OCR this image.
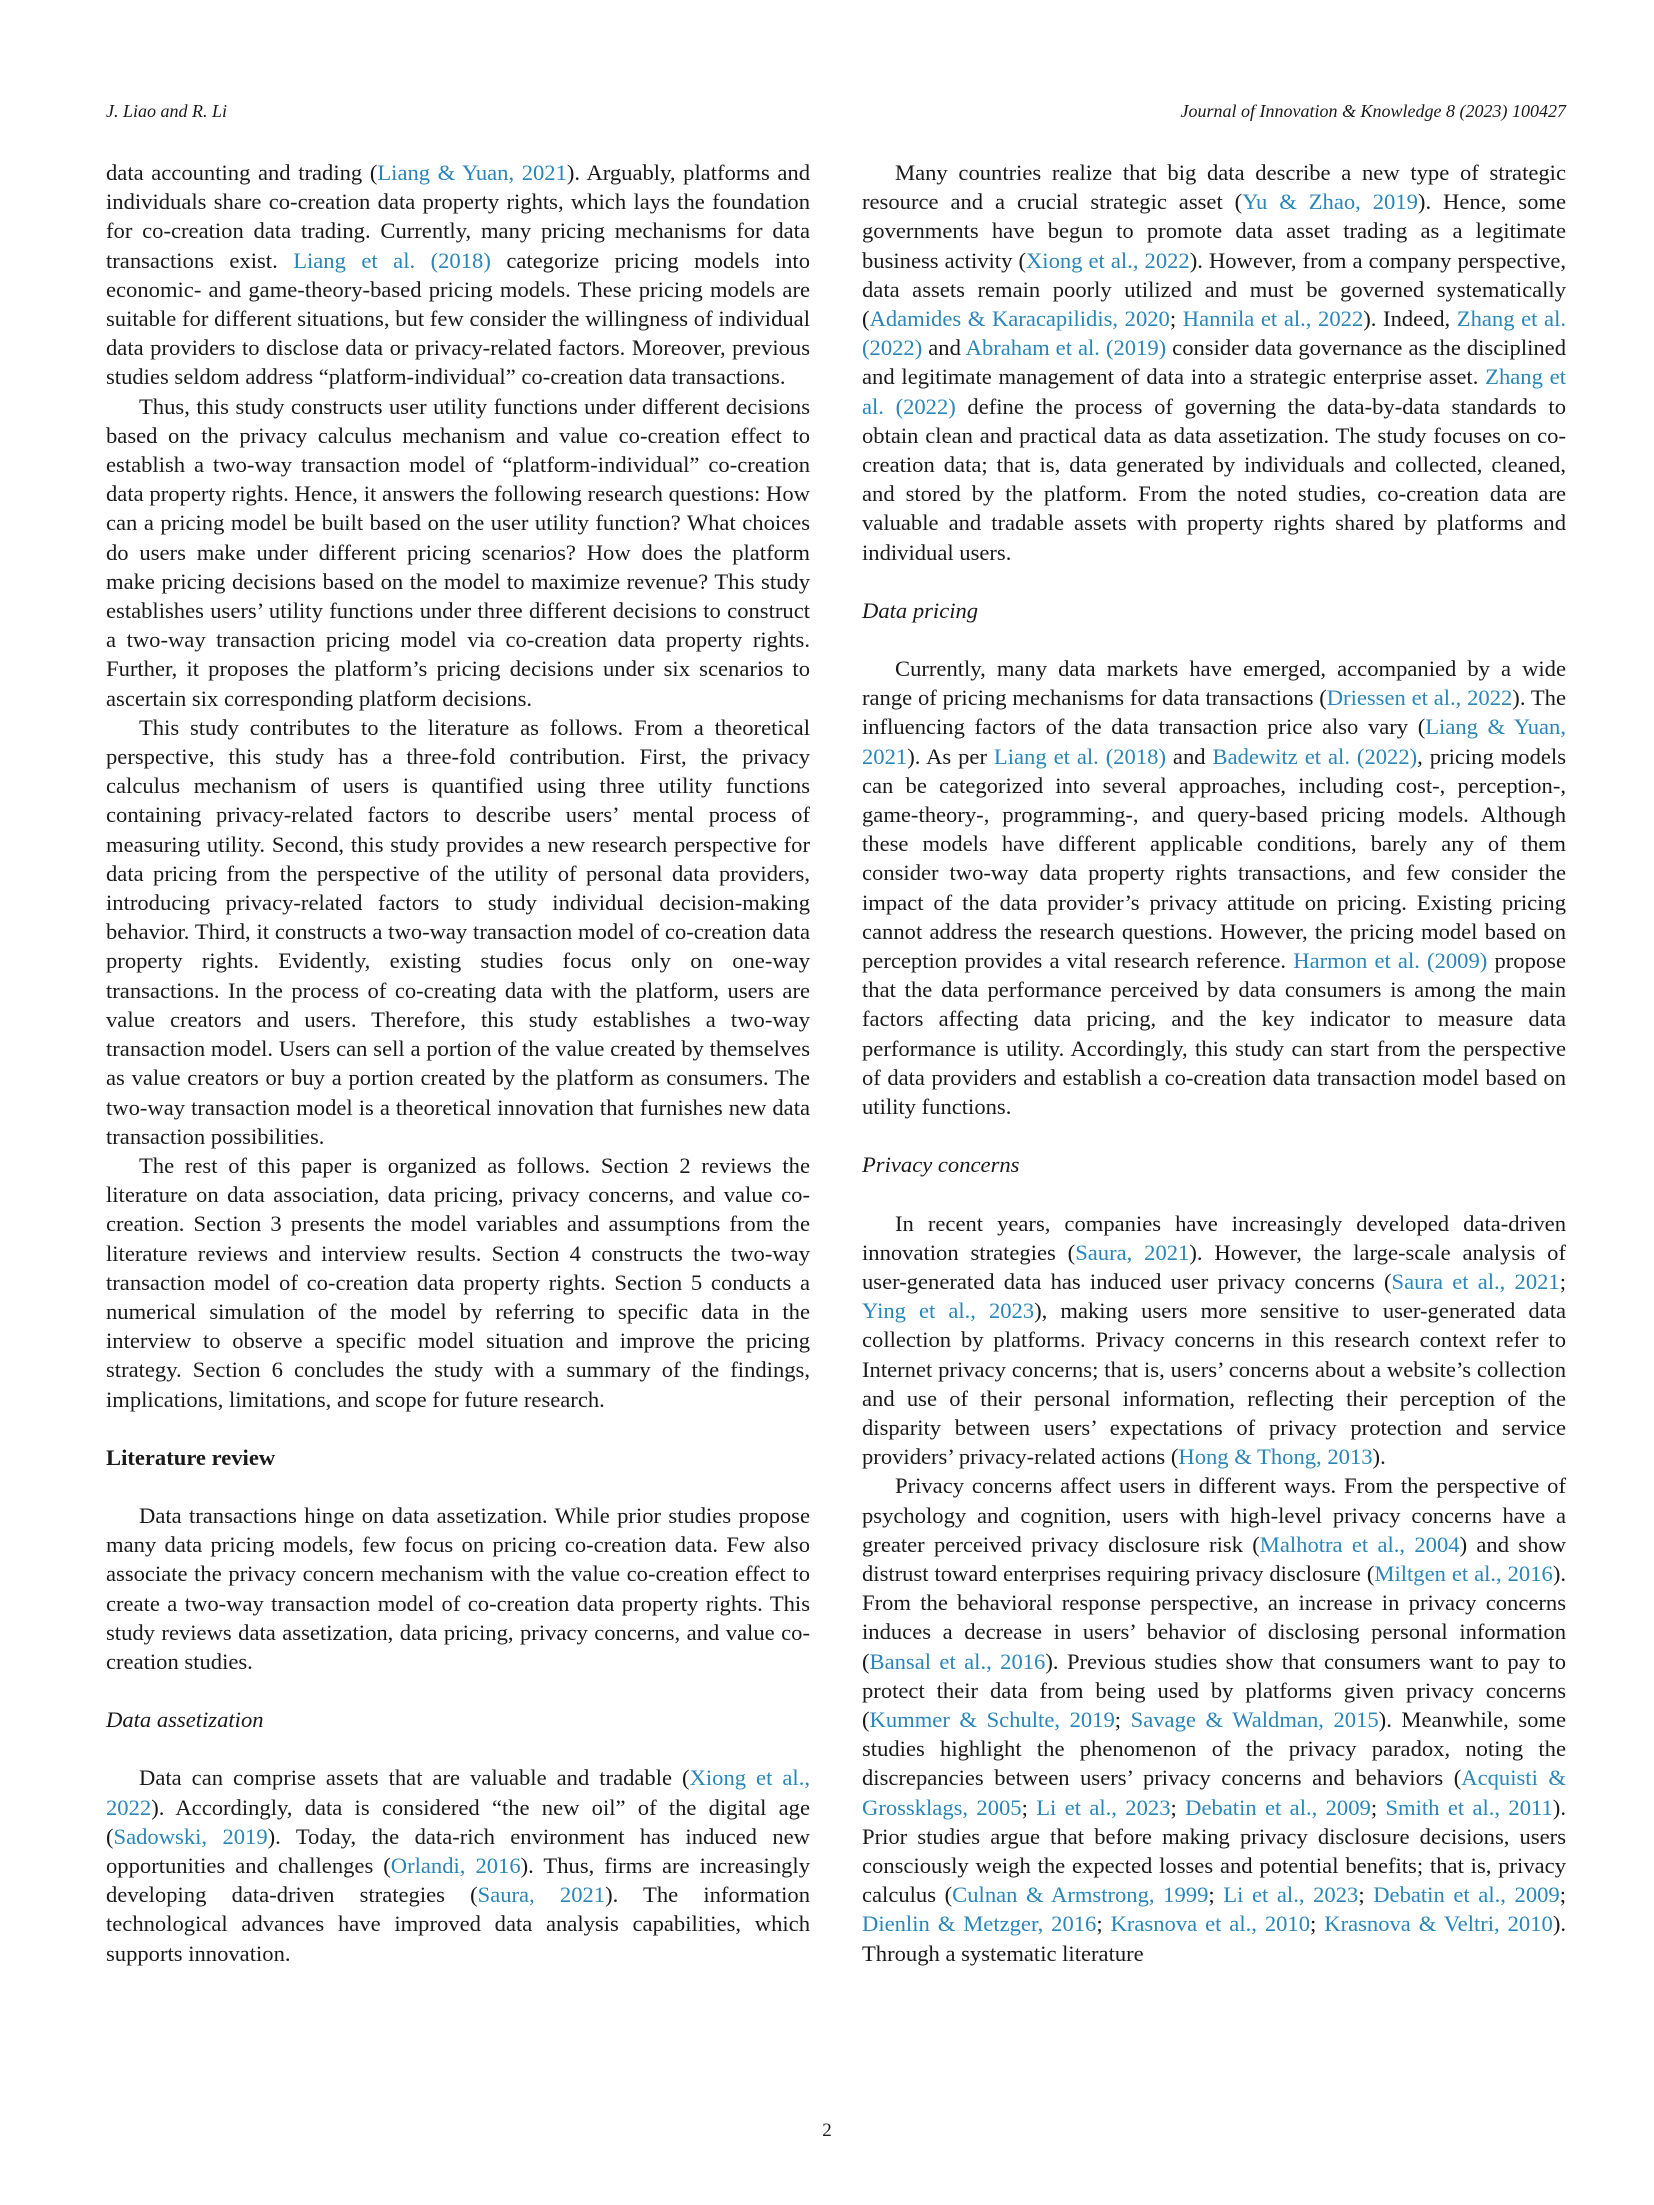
J. Liao and R. Li	Journal of Innovation & Knowledge 8 (2023) 100427

data accounting and trading (Liang & Yuan, 2021). Arguably, platforms and individuals share co-creation data property rights, which lays the foundation for co-creation data trading. Currently, many pricing mechanisms for data transactions exist. Liang et al. (2018) categorize pricing models into economic- and game-theory-based pricing models. These pricing models are suitable for different situations, but few consider the willingness of individual data providers to disclose data or privacy-related factors. Moreover, previous studies seldom address “platform-individual” co-creation data transactions.

Thus, this study constructs user utility functions under different decisions based on the privacy calculus mechanism and value co-creation effect to establish a two-way transaction model of “platform-individual” co-creation data property rights. Hence, it answers the following research questions: How can a pricing model be built based on the user utility function? What choices do users make under different pricing scenarios? How does the platform make pricing decisions based on the model to maximize revenue? This study establishes users’ utility functions under three different decisions to construct a two-way transaction pricing model via co-creation data property rights. Further, it proposes the platform’s pricing decisions under six scenarios to ascertain six corresponding platform decisions.

This study contributes to the literature as follows. From a theoretical perspective, this study has a three-fold contribution. First, the privacy calculus mechanism of users is quantified using three utility functions containing privacy-related factors to describe users’ mental process of measuring utility. Second, this study provides a new research perspective for data pricing from the perspective of the utility of personal data providers, introducing privacy-related factors to study individual decision-making behavior. Third, it constructs a two-way transaction model of co-creation data property rights. Evidently, existing studies focus only on one-way transactions. In the process of co-creating data with the platform, users are value creators and users. Therefore, this study establishes a two-way transaction model. Users can sell a portion of the value created by themselves as value creators or buy a portion created by the platform as consumers. The two-way transaction model is a theoretical innovation that furnishes new data transaction possibilities.

The rest of this paper is organized as follows. Section 2 reviews the literature on data association, data pricing, privacy concerns, and value co-creation. Section 3 presents the model variables and assumptions from the literature reviews and interview results. Section 4 constructs the two-way transaction model of co-creation data property rights. Section 5 conducts a numerical simulation of the model by referring to specific data in the interview to observe a specific model situation and improve the pricing strategy. Section 6 concludes the study with a summary of the findings, implications, limitations, and scope for future research.

Literature review

Data transactions hinge on data assetization. While prior studies propose many data pricing models, few focus on pricing co-creation data. Few also associate the privacy concern mechanism with the value co-creation effect to create a two-way transaction model of co-creation data property rights. This study reviews data assetization, data pricing, privacy concerns, and value co-creation studies.

Data assetization

Data can comprise assets that are valuable and tradable (Xiong et al., 2022). Accordingly, data is considered “the new oil” of the digital age (Sadowski, 2019). Today, the data-rich environment has induced new opportunities and challenges (Orlandi, 2016). Thus, firms are increasingly developing data-driven strategies (Saura, 2021). The information technological advances have improved data analysis capabilities, which supports innovation.

Many countries realize that big data describe a new type of strategic resource and a crucial strategic asset (Yu & Zhao, 2019). Hence, some governments have begun to promote data asset trading as a legitimate business activity (Xiong et al., 2022). However, from a company perspective, data assets remain poorly utilized and must be governed systematically (Adamides & Karacapilidis, 2020; Hannila et al., 2022). Indeed, Zhang et al. (2022) and Abraham et al. (2019) consider data governance as the disciplined and legitimate management of data into a strategic enterprise asset. Zhang et al. (2022) define the process of governing the data-by-data standards to obtain clean and practical data as data assetization. The study focuses on co-creation data; that is, data generated by individuals and collected, cleaned, and stored by the platform. From the noted studies, co-creation data are valuable and tradable assets with property rights shared by platforms and individual users.

Data pricing

Currently, many data markets have emerged, accompanied by a wide range of pricing mechanisms for data transactions (Driessen et al., 2022). The influencing factors of the data transaction price also vary (Liang & Yuan, 2021). As per Liang et al. (2018) and Badewitz et al. (2022), pricing models can be categorized into several approaches, including cost-, perception-, game-theory-, programming-, and query-based pricing models. Although these models have different applicable conditions, barely any of them consider two-way data property rights transactions, and few consider the impact of the data provider’s privacy attitude on pricing. Existing pricing cannot address the research questions. However, the pricing model based on perception provides a vital research reference. Harmon et al. (2009) propose that the data performance perceived by data consumers is among the main factors affecting data pricing, and the key indicator to measure data performance is utility. Accordingly, this study can start from the perspective of data providers and establish a co-creation data transaction model based on utility functions.

Privacy concerns

In recent years, companies have increasingly developed data-driven innovation strategies (Saura, 2021). However, the large-scale analysis of user-generated data has induced user privacy concerns (Saura et al., 2021; Ying et al., 2023), making users more sensitive to user-generated data collection by platforms. Privacy concerns in this research context refer to Internet privacy concerns; that is, users’ concerns about a website’s collection and use of their personal information, reflecting their perception of the disparity between users’ expectations of privacy protection and service providers’ privacy-related actions (Hong & Thong, 2013).

Privacy concerns affect users in different ways. From the perspective of psychology and cognition, users with high-level privacy concerns have a greater perceived privacy disclosure risk (Malhotra et al., 2004) and show distrust toward enterprises requiring privacy disclosure (Miltgen et al., 2016). From the behavioral response perspective, an increase in privacy concerns induces a decrease in users’ behavior of disclosing personal information (Bansal et al., 2016). Previous studies show that consumers want to pay to protect their data from being used by platforms given privacy concerns (Kummer & Schulte, 2019; Savage & Waldman, 2015). Meanwhile, some studies highlight the phenomenon of the privacy paradox, noting the discrepancies between users’ privacy concerns and behaviors (Acquisti & Grossklags, 2005; Li et al., 2023; Debatin et al., 2009; Smith et al., 2011). Prior studies argue that before making privacy disclosure decisions, users consciously weigh the expected losses and potential benefits; that is, privacy calculus (Culnan & Armstrong, 1999; Li et al., 2023; Debatin et al., 2009; Dienlin & Metzger, 2016; Krasnova et al., 2010; Krasnova & Veltri, 2010). Through a systematic literature

2
